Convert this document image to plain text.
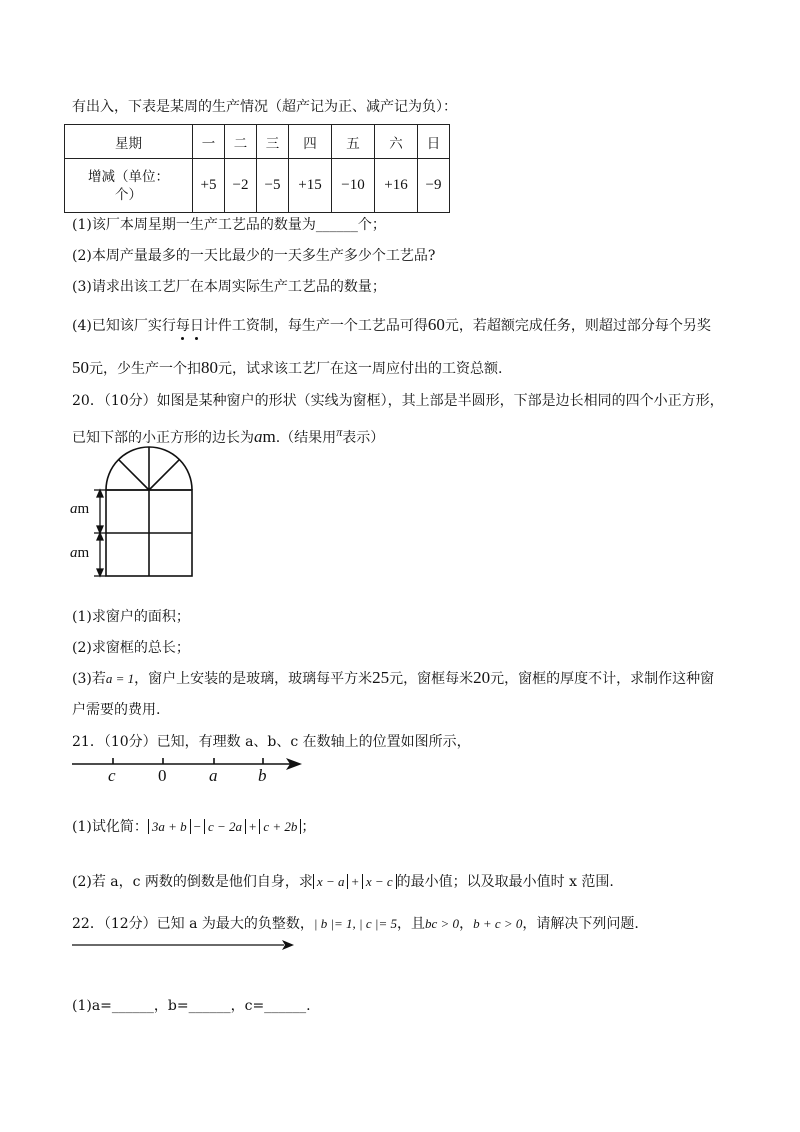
有出入，下表是某周的生产情况（超产记为正、减产记为负）：
星期	一	二	三	四	五	六	日

增减（单位：
个）	+5	−2	−5	+15	−10	+16	−9
(1)该厂本周星期一生产工艺品的数量为______个；
(2)本周产量最多的一天比最少的一天多生产多少个工艺品?
(3)请求出该工艺厂在本周实际生产工艺品的数量；
(4)已知该厂实行每日计件工资制，每生产一个工艺品可得60元，若超额完成任务，则超过部分每个另奖
50元，少生产一个扣80元，试求该工艺厂在这一周应付出的工资总额.
20．（10分）如图是某种窗户的形状（实线为窗框），其上部是半圆形，下部是边长相同的四个小正方形，
已知下部的小正方形的边长为am.（结果用π表示）
am
am
(1)求窗户的面积；
(2)求窗框的总长；
(3)若a = 1，窗户上安装的是玻璃，玻璃每平方米25元，窗框每米20元，窗框的厚度不计，求制作这种窗
户需要的费用.
21．（10分）已知，有理数 a、b、c 在数轴上的位置如图所示，
c 0	a b
(1)试化简： 3a + b − c − 2a + c + 2b ；
(2)若 a，c 两数的倒数是他们自身，求 x − a + x − c 的最小值；以及取最小值时 x 范围.
22．（12分）已知 a 为最大的负整数，| b |= 1, | c |= 5，且bc > 0，b + c > 0，请解决下列问题.
(1)a=______，b=______，c=______.
